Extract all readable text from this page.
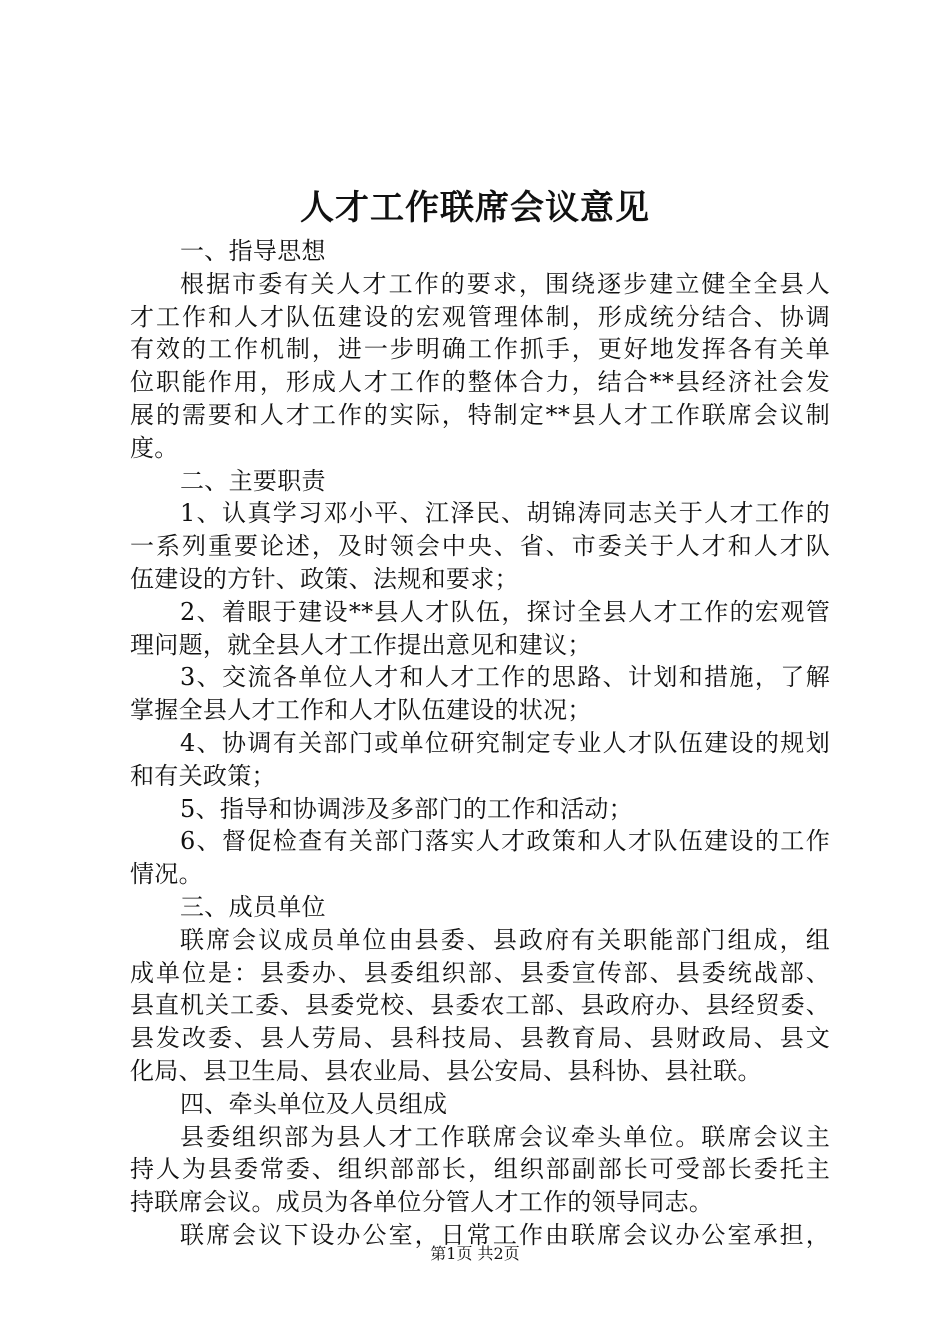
人才工作联席会议意见
一、指导思想
根据市委有关人才工作的要求，围绕逐步建立健全全县人
才工作和人才队伍建设的宏观管理体制，形成统分结合、协调
有效的工作机制，进一步明确工作抓手，更好地发挥各有关单
位职能作用，形成人才工作的整体合力，结合**县经济社会发
展的需要和人才工作的实际，特制定**县人才工作联席会议制
度。
二、主要职责
1、认真学习邓小平、江泽民、胡锦涛同志关于人才工作的
一系列重要论述，及时领会中央、省、市委关于人才和人才队
伍建设的方针、政策、法规和要求；
2、着眼于建设**县人才队伍，探讨全县人才工作的宏观管
理问题，就全县人才工作提出意见和建议；
3、交流各单位人才和人才工作的思路、计划和措施，了解
掌握全县人才工作和人才队伍建设的状况；
4、协调有关部门或单位研究制定专业人才队伍建设的规划
和有关政策；
5、指导和协调涉及多部门的工作和活动；
6、督促检查有关部门落实人才政策和人才队伍建设的工作
情况。
三、成员单位
联席会议成员单位由县委、县政府有关职能部门组成，组
成单位是：县委办、县委组织部、县委宣传部、县委统战部、
县直机关工委、县委党校、县委农工部、县政府办、县经贸委、
县发改委、县人劳局、县科技局、县教育局、县财政局、县文
化局、县卫生局、县农业局、县公安局、县科协、县社联。
四、牵头单位及人员组成
县委组织部为县人才工作联席会议牵头单位。联席会议主
持人为县委常委、组织部部长，组织部副部长可受部长委托主
持联席会议。成员为各单位分管人才工作的领导同志。
联席会议下设办公室，日常工作由联席会议办公室承担，
第1页 共2页
